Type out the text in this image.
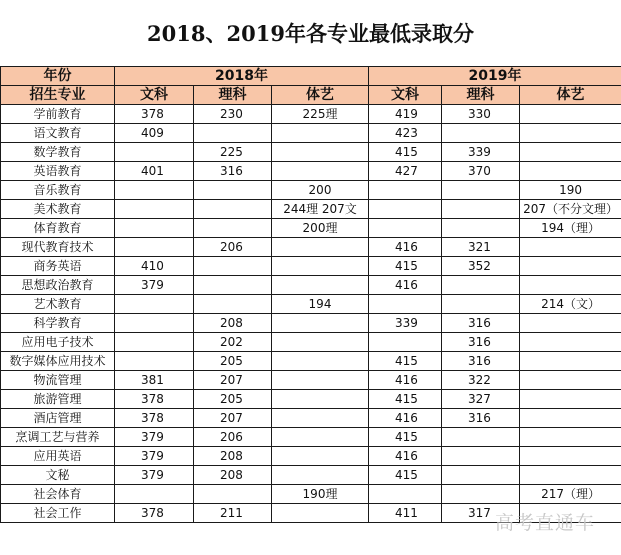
2018、2019年各专业最低录取分
年份	2018年			2019年		
招生专业	文科	理科	体艺	文科	理科	体艺
学前教育	378	230	225理	419	330	
语文教育	409			423		
数学教育		225		415	339	
英语教育	401	316		427	370	
音乐教育			200			190
美术教育			244理 207文			207（不分文理）
体育教育			200理			194（理）
现代教育技术		206		416	321	
商务英语	410			415	352	
思想政治教育	379			416		
艺术教育			194			214（文）
科学教育		208		339	316	
应用电子技术		202			316	
数字媒体应用技术		205		415	316	
物流管理	381	207		416	322	
旅游管理	378	205		415	327	
酒店管理	378	207		416	316	
烹调工艺与营养	379	206		415		
应用英语	379	208		416		
文秘	379	208		415		
社会体育			190理			217（理）
社会工作	378	211		411	317	高考直通车
